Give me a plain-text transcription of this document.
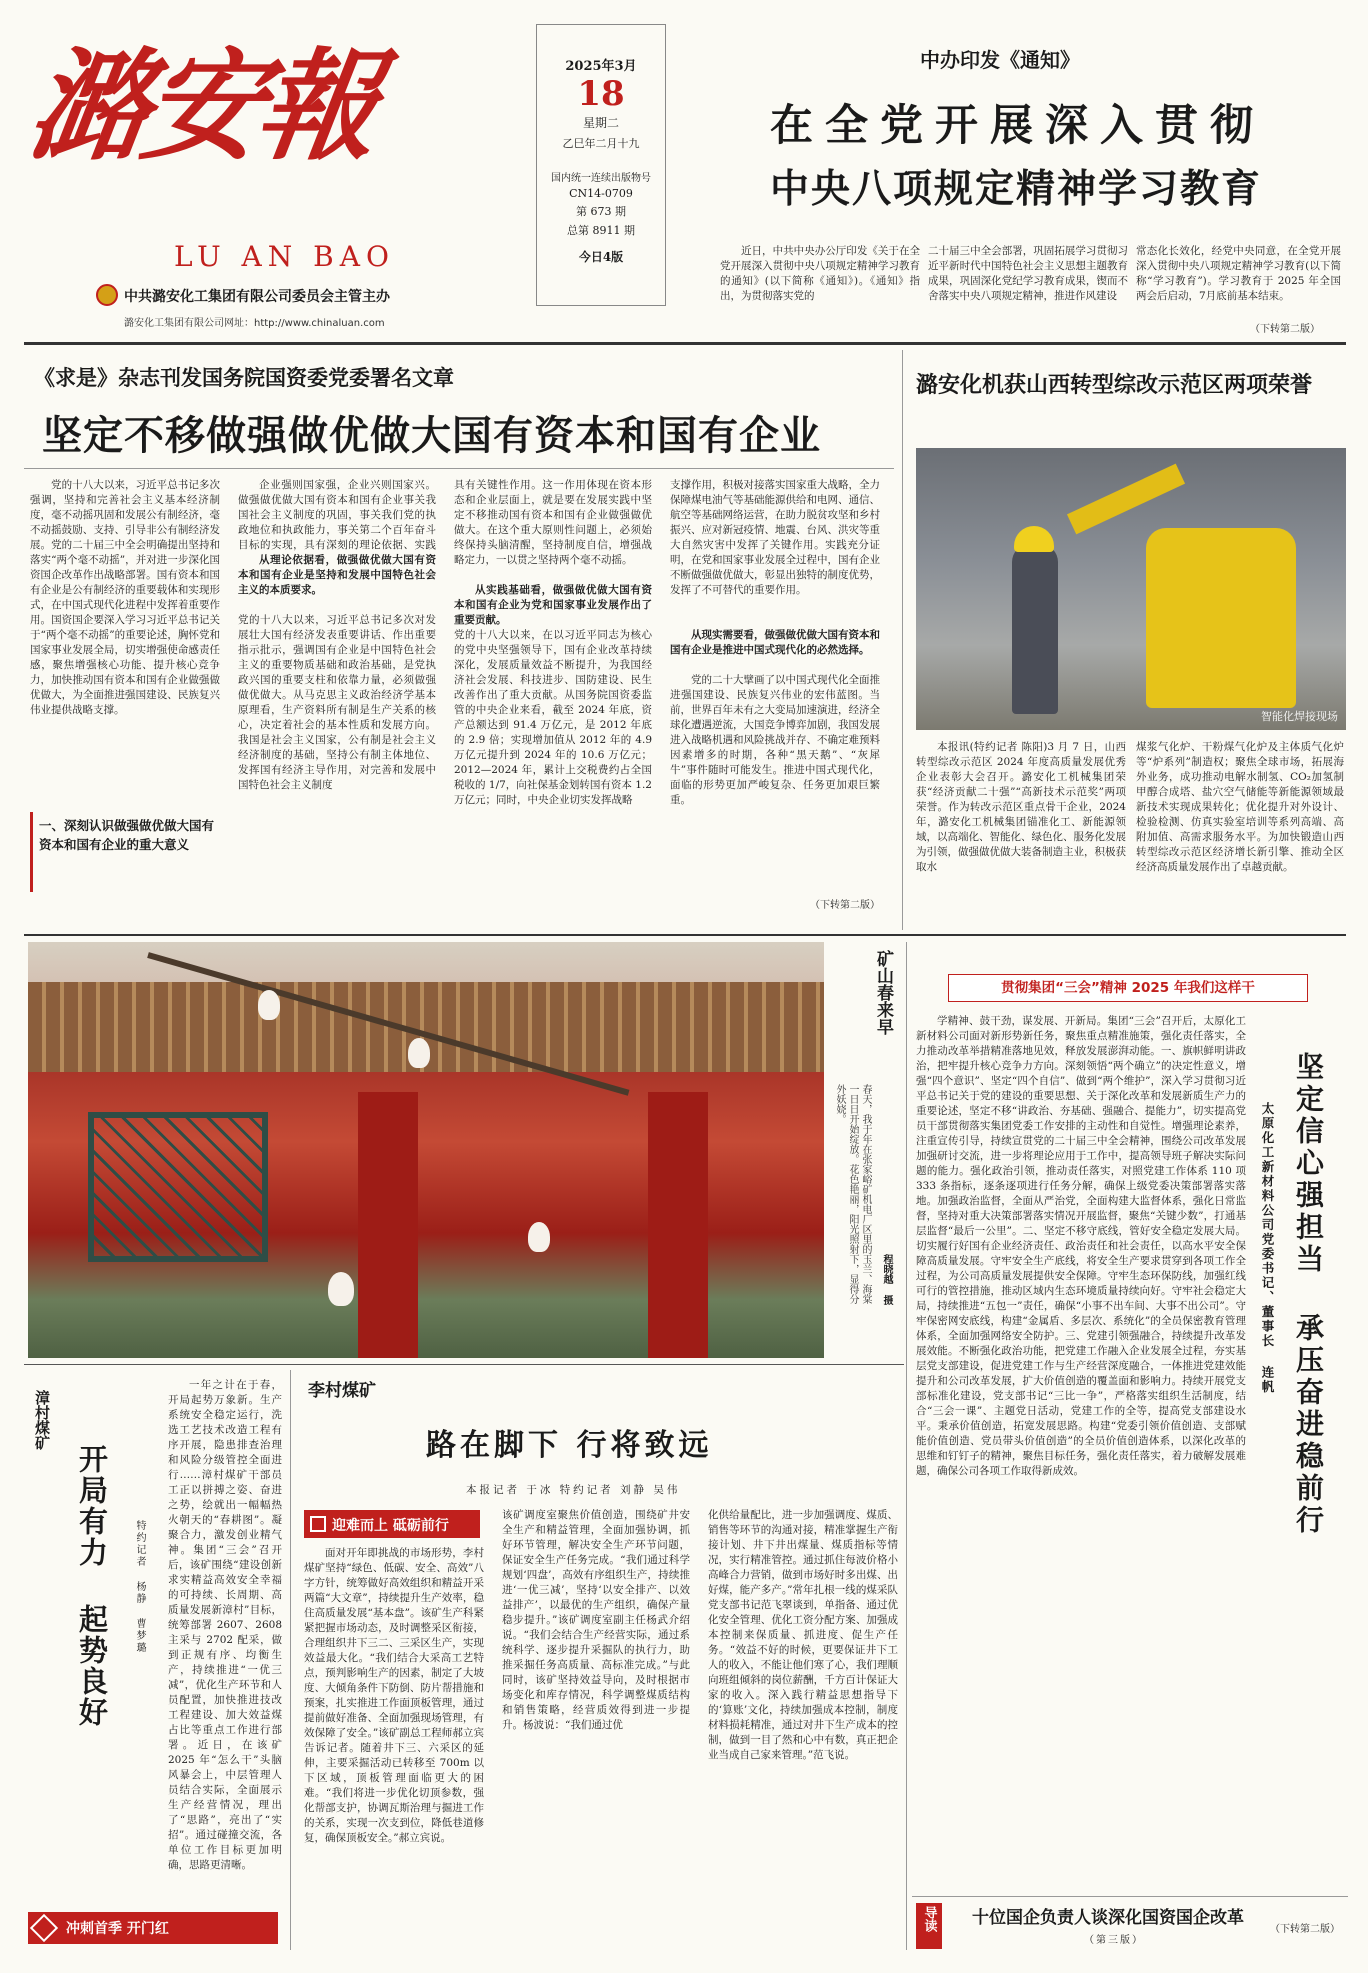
潞安報
LU AN BAO
中共潞安化工集团有限公司委员会主管主办
潞安化工集团有限公司网址：http://www.chinaluan.com
2025年3月
18
星期二
乙巳年二月十九
国内统一连续出版物号
CN14-0709
第 673 期
总第 8911 期
今日4版
中办印发《通知》
在全党开展深入贯彻
中央八项规定精神学习教育
近日，中共中央办公厅印发《关于在全党开展深入贯彻中央八项规定精神学习教育的通知》(以下简称《通知》)。《通知》指出，为贯彻落实党的
二十届三中全会部署，巩固拓展学习贯彻习近平新时代中国特色社会主义思想主题教育成果，巩固深化党纪学习教育成果，锲而不舍落实中央八项规定精神，推进作风建设
常态化长效化，经党中央同意，在全党开展深入贯彻中央八项规定精神学习教育(以下简称“学习教育”)。学习教育于 2025 年全国两会后启动，7月底前基本结束。
（下转第二版）
《求是》杂志刊发国务院国资委党委署名文章
坚定不移做强做优做大国有资本和国有企业
党的十八大以来，习近平总书记多次强调，坚持和完善社会主义基本经济制度，毫不动摇巩固和发展公有制经济，毫不动摇鼓励、支持、引导非公有制经济发展。党的二十届三中全会明确提出坚持和落实“两个毫不动摇”，并对进一步深化国资国企改革作出战略部署。国有资本和国有企业是公有制经济的重要载体和实现形式，在中国式现代化进程中发挥着重要作用。国资国企要深入学习习近平总书记关于“两个毫不动摇”的重要论述，胸怀党和国家事业发展全局，切实增强使命感责任感，聚焦增强核心功能、提升核心竞争力，加快推动国有资本和国有企业做强做优做大，为全面推进强国建设、民族复兴伟业提供战略支撑。
一、深刻认识做强做优做大国有资本和国有企业的重大意义
企业强则国家强，企业兴则国家兴。做强做优做大国有资本和国有企业事关我国社会主义制度的巩固，事关我们党的执政地位和执政能力，事关第二个百年奋斗目标的实现，具有深刻的理论依据、实践
从理论依据看，做强做优做大国有资本和国有企业是坚持和发展中国特色社会主义的本质要求。
党的十八大以来，习近平总书记多次对发展壮大国有经济发表重要讲话、作出重要指示批示，强调国有企业是中国特色社会主义的重要物质基础和政治基础，是党执政兴国的重要支柱和依靠力量，必须做强做优做大。从马克思主义政治经济学基本原理看，生产资料所有制是生产关系的核心，决定着社会的基本性质和发展方向。我国是社会主义国家，公有制是社会主义经济制度的基础，坚持公有制主体地位、发挥国有经济主导作用，对完善和发展中国特色社会主义制度
具有关键性作用。这一作用体现在资本形态和企业层面上，就是要在发展实践中坚定不移推动国有资本和国有企业做强做优做大。在这个重大原则性问题上，必须始终保持头脑清醒，坚持制度自信，增强战略定力，一以贯之坚持两个毫不动摇。
从实践基础看，做强做优做大国有资本和国有企业为党和国家事业发展作出了重要贡献。
党的十八大以来，在以习近平同志为核心的党中央坚强领导下，国有企业改革持续深化，发展质量效益不断提升，为我国经济社会发展、科技进步、国防建设、民生改善作出了重大贡献。从国务院国资委监管的中央企业来看，截至 2024 年底，资产总额达到 91.4 万亿元，是 2012 年底的 2.9 倍；实现增加值从 2012 年的 4.9 万亿元提升到 2024 年的 10.6 万亿元；2012—2024 年，累计上交税费约占全国税收的 1/7，向社保基金划转国有资本 1.2 万亿元；同时，中央企业切实发挥战略
支撑作用，积极对接落实国家重大战略，全力保障煤电油气等基础能源供给和电网、通信、航空等基础网络运营，在助力脱贫攻坚和乡村振兴、应对新冠疫情、地震、台风、洪灾等重大自然灾害中发挥了关键作用。实践充分证明，在党和国家事业发展全过程中，国有企业不断做强做优做大，彰显出独特的制度优势，发挥了不可替代的重要作用。
从现实需要看，做强做优做大国有资本和国有企业是推进中国式现代化的必然选择。
党的二十大擘画了以中国式现代化全面推进强国建设、民族复兴伟业的宏伟蓝图。当前，世界百年未有之大变局加速演进，经济全球化遭遇逆流，大国竞争博弈加剧，我国发展进入战略机遇和风险挑战并存、不确定难预料因素增多的时期，各种“黑天鹅”、“灰犀牛”事件随时可能发生。推进中国式现代化，面临的形势更加严峻复杂、任务更加艰巨繁重。
（下转第二版）
潞安化机获山西转型综改示范区两项荣誉
智能化焊接现场
本报讯(特约记者 陈阳)3 月 7 日，山西转型综改示范区 2024 年度高质量发展优秀企业表彰大会召开。潞安化工机械集团荣获“经济贡献二十强”“高新技术示范奖”两项荣誉。作为转改示范区重点骨干企业，2024 年，潞安化工机械集团锚准化工、新能源领域，以高端化、智能化、绿色化、服务化发展为引领，做强做优做大装备制造主业，积极获取水
煤浆气化炉、干粉煤气化炉及主体质气化炉等“炉系列”制造权；聚焦全球市场，拓展海外业务，成功推动电解水制氢、CO₂加氢制甲醇合成塔、盐穴空气储能等新能源领域最新技术实现成果转化；优化提升对外设计、检验检测、仿真实验室培训等系列高端、高附加值、高需求服务水平。为加快锻造山西转型综改示范区经济增长新引擎、推动全区经济高质量发展作出了卓越贡献。
矿山春来早
春天，我于年在张家峪矿机电厂区里的玉兰、海棠一日日开始绽放。花色艳丽，阳光照射下，显得分外妖娆。
程晓越 摄
贯彻集团“三会”精神 2025 年我们这样干
学精神、鼓干劲，谋发展、开新局。集团“三会”召开后，太原化工新材料公司面对新形势新任务，聚焦重点精准施策，强化责任落实，全力推动改革举措精准落地见效，释放发展澎湃动能。一、旗帜鲜明讲政治，把牢提升核心竞争力方向。深刻领悟“两个确立”的决定性意义，增强“四个意识”、坚定“四个自信”、做到“两个维护”，深入学习贯彻习近平总书记关于党的建设的重要思想、关于深化改革和发展新质生产力的重要论述，坚定不移“讲政治、夯基础、强融合、提能力”，切实提高党员干部贯彻落实集团党委工作安排的主动性和自觉性。增强理论素养，注重宣传引导，持续宣贯党的二十届三中全会精神，围绕公司改革发展加强研讨交流，进一步将理论应用于工作中，提高领导班子解决实际问题的能力。强化政治引领，推动责任落实，对照党建工作体系 110 项 333 条指标，逐条逐项进行任务分解，确保上级党委决策部署落实落地。加强政治监督，全面从严治党，全面构建大监督体系，强化日常监督，坚持对重大决策部署落实情况开展监督，聚焦“关键少数”，打通基层监督“最后一公里”。二、坚定不移守底线，管好安全稳定发展大局。切实履行好国有企业经济责任、政治责任和社会责任，以高水平安全保障高质量发展。守牢安全生产底线，将安全生产要求贯穿到各项工作全过程，为公司高质量发展提供安全保障。守牢生态环保防线，加强红线可行的管控措施，推动区域内生态环境质量持续向好。守牢社会稳定大局，持续推进“五包一”责任，确保“小事不出车间、大事不出公司”。守牢保密网安底线，构建“金属盾、多层次、系统化”的全员保密教育管理体系，全面加强网络安全防护。三、党建引领强融合，持续提升改革发展效能。不断强化政治功能，把党建工作融入企业发展全过程，夯实基层党支部建设，促进党建工作与生产经营深度融合，一体推进党建效能提升和公司改革发展，扩大价值创造的覆盖面和影响力。持续开展党支部标准化建设，党支部书记“三比一争”，严格落实组织生活制度，结合“三会一课”、主题党日活动，党建工作的全等，提高党支部建设水平。秉承价值创造，拓宽发展思路。构建“党委引领价值创造、支部赋能价值创造、党员带头价值创造”的全员价值创造体系，以深化改革的思维和钉钉子的精神，聚焦目标任务，强化责任落实，着力破解发展难题，确保公司各项工作取得新成效。	坚定信心强担当 承压奋进稳前行
太原化工新材料公司党委书记、董事长 连帆
（下转第二版）
漳村煤矿
开局有力 起势良好	特约记者 杨静 曹梦璐
一年之计在于春，开局起势万象新。生产系统安全稳定运行，洗选工艺技术改造工程有序开展，隐患排查治理和风险分级管控全面进行……漳村煤矿干部员工正以拼搏之姿、奋进之势，绘就出一幅幅热火朝天的“春耕图”。凝聚合力，激发创业精气神。集团“三会”召开后，该矿围绕“建设创新求实精益高效安全幸福的可持续、长周期、高质量发展新漳村”目标，统筹部署 2607、2608 主采与 2702 配采，做到正规有序、均衡生产，持续推进“一优三减”，优化生产环节和人员配置，加快推进技改工程建设、加大效益煤占比等重点工作进行部署。近日，在该矿 2025 年“怎么干”头脑风暴会上，中层管理人员结合实际，全面展示生产经营情况，理出了“思路”，亮出了“实招”。通过碰撞交流，各单位工作目标更加明确，思路更清晰。
冲刺首季 开门红
李村煤矿
路在脚下 行将致远
本报记者 于冰 特约记者 刘静 吴伟
迎难而上 砥砺前行
面对开年即挑战的市场形势，李村煤矿坚持“绿色、低碳、安全、高效”八字方针，统筹做好高效组织和精益开采两篇“大文章”，持续提升生产效率，稳住高质量发展“基本盘”。该矿生产科紧紧把握市场动态，及时调整采区衔接，合理组织井下三二、三采区生产，实现效益最大化。“我们结合大采高工艺特点，预判影响生产的因素，制定了大坡度、大倾角条件下防倒、防片帮措施和预案，扎实推进工作面顶板管理，通过提前做好准备、全面加强现场管理，有效保障了安全。”该矿副总工程师郝立宾告诉记者。随着井下三、六采区的延伸，主要采掘活动已转移至 700m 以下区域，顶板管理面临更大的困难。“我们将进一步优化切顶参数，强化帮部支护，协调瓦斯治理与掘进工作的关系，实现一次支到位，降低巷道修复，确保顶板安全。”郝立宾说。
该矿调度室聚焦价值创造，围绕矿井安全生产和精益管理，全面加强协调，抓好环节管理，解决安全生产环节问题，保证安全生产任务完成。“我们通过科学规划‘四盘’，高效有序组织生产，持续推进‘一优三减’，坚持‘以安全排产、以效益排产’，以最优的生产组织，确保产量稳步提升。”该矿调度室副主任杨武介绍说。“我们会结合生产经营实际，通过系统科学、逐步提升采掘队的执行力，助推采掘任务高质量、高标准完成。”与此同时，该矿坚持效益导向，及时根据市场变化和库存情况，科学调整煤质结构和销售策略，经营质效得到进一步提升。杨波说：“我们通过优
化供给量配比，进一步加强调度、煤质、销售等环节的沟通对接，精准掌握生产衔接计划、井下井出煤量、煤质指标等情况，实行精准管控。通过抓住每波价格小高峰合力营销，做到市场好时多出煤、出好煤，能产多产。”常年扎根一线的煤采队党支部书记范飞翠谈到，单指备、通过优化安全管理、优化工资分配方案、加强成本控制来保质量、抓进度、促生产任务。“效益不好的时候，更要保证井下工人的收入，不能让他们寒了心，我们理顺向班组倾斜的岗位薪酬，千方百计保证大家的收入。深入践行精益思想指导下的‘算账’文化，持续加强成本控制，制度材料损耗精准，通过对井下生产成本的控制，做到一目了然和心中有数，真正把企业当成自己家来管理。”范飞说。
导读	十位国企负责人谈深化国资国企改革
（第三版）
